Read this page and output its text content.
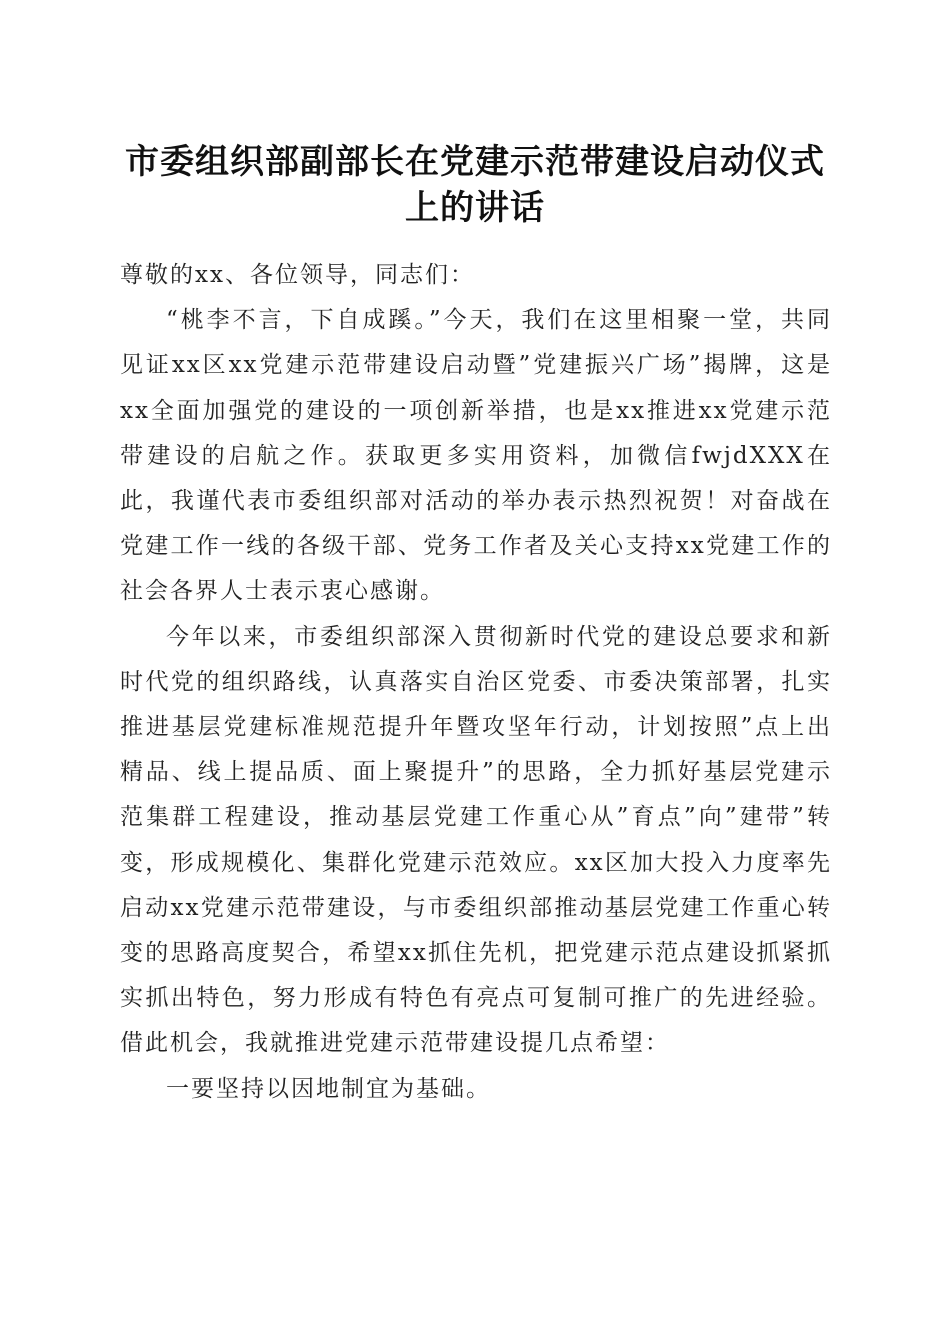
市委组织部副部长在党建示范带建设启动仪式
上的讲话

尊敬的xx、各位领导，同志们：

“桃李不言，下自成蹊。”今天，我们在这里相聚一堂，共同见证xx区xx党建示范带建设启动暨”党建振兴广场”揭牌，这是xx全面加强党的建设的一项创新举措，也是xx推进xx党建示范带建设的启航之作。获取更多实用资料，加微信fwjdXXX在此，我谨代表市委组织部对活动的举办表示热烈祝贺！对奋战在党建工作一线的各级干部、党务工作者及关心支持xx党建工作的社会各界人士表示衷心感谢。

今年以来，市委组织部深入贯彻新时代党的建设总要求和新时代党的组织路线，认真落实自治区党委、市委决策部署，扎实推进基层党建标准规范提升年暨攻坚年行动，计划按照”点上出精品、线上提品质、面上聚提升”的思路，全力抓好基层党建示范集群工程建设，推动基层党建工作重心从”育点”向”建带”转变，形成规模化、集群化党建示范效应。xx区加大投入力度率先启动xx党建示范带建设，与市委组织部推动基层党建工作重心转变的思路高度契合，希望xx抓住先机，把党建示范点建设抓紧抓实抓出特色，努力形成有特色有亮点可复制可推广的先进经验。借此机会，我就推进党建示范带建设提几点希望：

一要坚持以因地制宜为基础。
